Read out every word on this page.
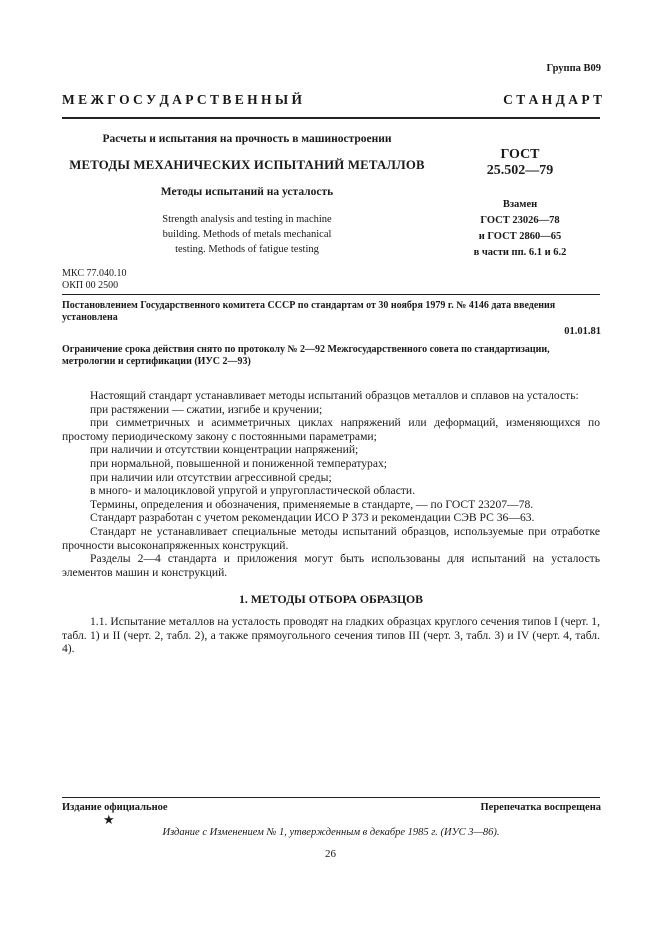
Группа В09
М Е Ж Г О С У Д А Р С Т В Е Н Н Ы Й	С Т А Н Д А Р Т
Расчеты и испытания на прочность в машиностроении
МЕТОДЫ МЕХАНИЧЕСКИХ ИСПЫТАНИЙ МЕТАЛЛОВ
Методы испытаний на усталость
Strength analysis and testing in machine
building. Methods of metals mechanical
testing. Methods of fatigue testing
ГОСТ
25.502—79
Взамен
ГОСТ 23026—78
и ГОСТ 2860—65
в части пп. 6.1 и 6.2
МКС 77.040.10
ОКП 00 2500
Постановлением Государственного комитета СССР по стандартам от 30 ноября 1979 г. № 4146 дата введения установлена
01.01.81
Ограничение срока действия снято по протоколу № 2—92 Межгосударственного совета по стандартизации, метрологии и сертификации (ИУС 2—93)

Настоящий стандарт устанавливает методы испытаний образцов металлов и сплавов на усталость:

при растяжении — сжатии, изгибе и кручении;

при симметричных и асимметричных циклах напряжений или деформаций, изменяющихся по простому периодическому закону с постоянными параметрами;

при наличии и отсутствии концентрации напряжений;

при нормальной, повышенной и пониженной температурах;

при наличии или отсутствии агрессивной среды;

в много- и малоцикловой упругой и упругопластической области.

Термины, определения и обозначения, применяемые в стандарте, — по ГОСТ 23207—78.

Стандарт разработан с учетом рекомендации ИСО Р 373 и рекомендации СЭВ РС 36—63.

Стандарт не устанавливает специальные методы испытаний образцов, используемые при отработке прочности высоконапряженных конструкций.

Разделы 2—4 стандарта и приложения могут быть использованы для испытаний на усталость элементов машин и конструкций.

1. МЕТОДЫ ОТБОРА ОБРАЗЦОВ

1.1. Испытание металлов на усталость проводят на гладких образцах круглого сечения типов I (черт. 1, табл. 1) и II (черт. 2, табл. 2), а также прямоугольного сечения типов III (черт. 3, табл. 3) и IV (черт. 4, табл. 4).

Издание официальное	Перепечатка воспрещена
★
Издание с Изменением № 1, утвержденным в декабре 1985 г. (ИУС 3—86).
26
